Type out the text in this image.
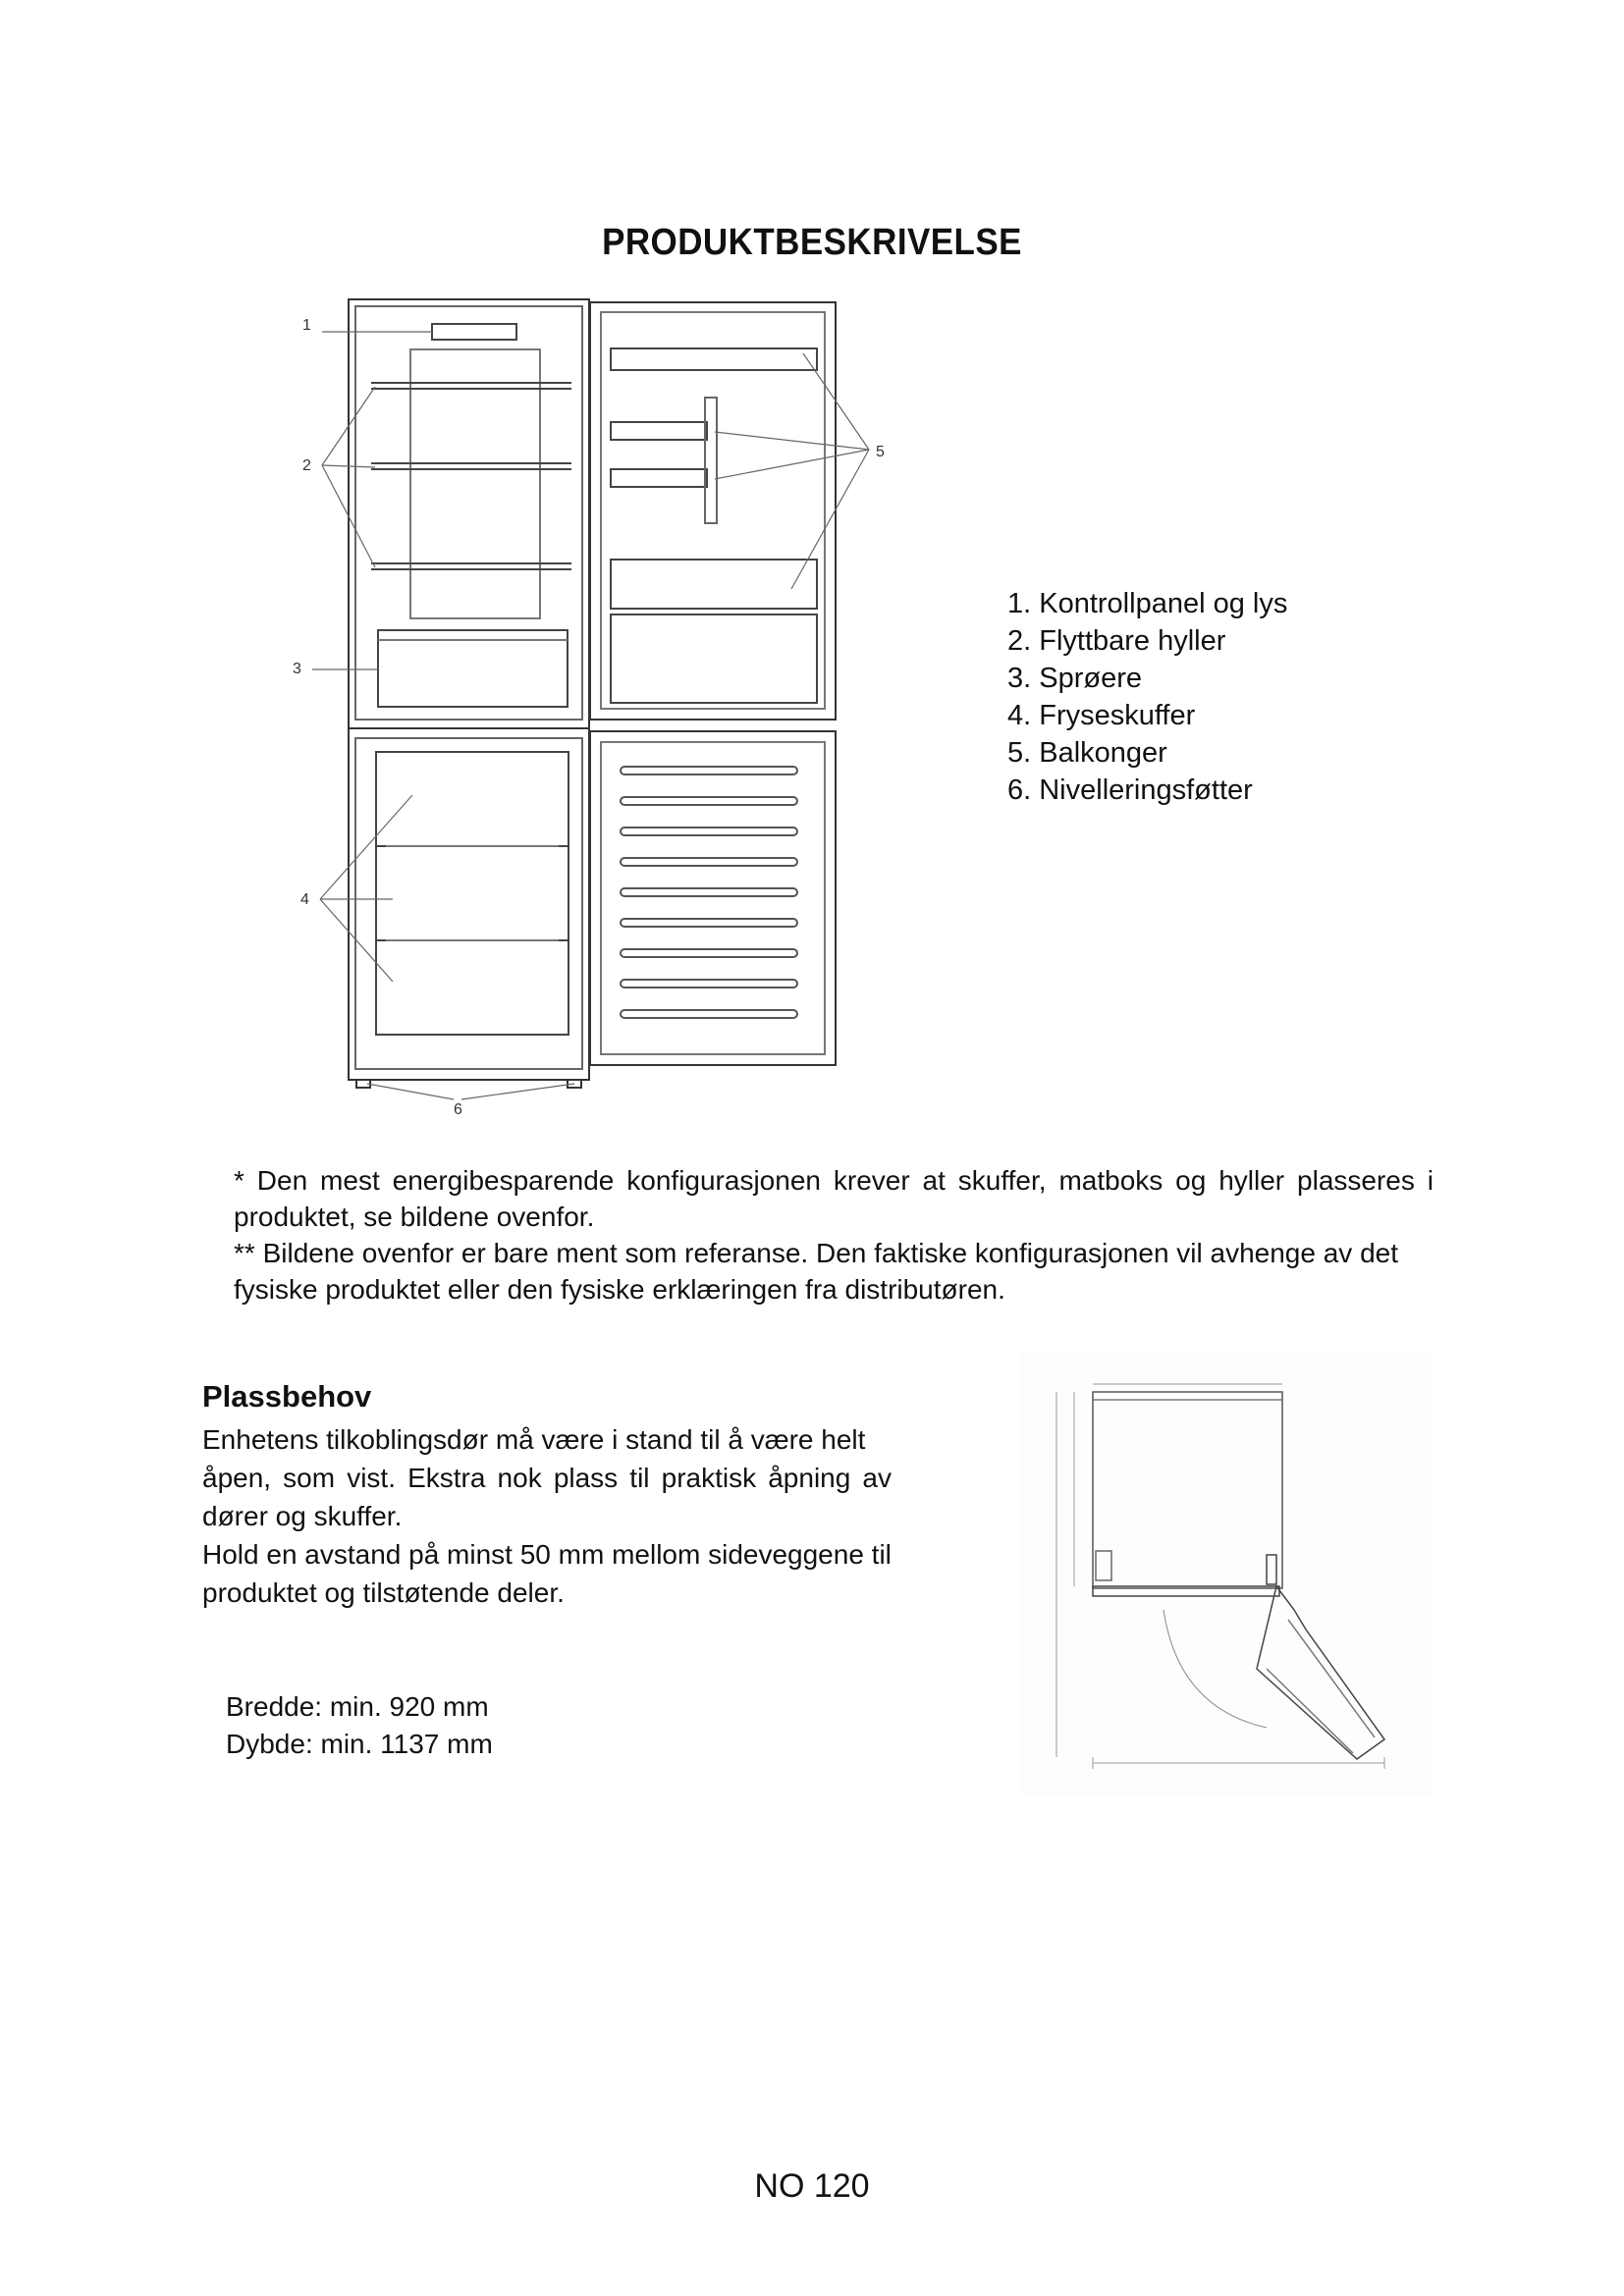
PRODUKTBESKRIVELSE
1
2
3
4
5
6
1. Kontrollpanel og lys
2. Flyttbare hyller
3. Sprøere
4. Fryseskuffer
5. Balkonger
6. Nivelleringsføtter

* Den mest energibesparende konfigurasjonen krever at skuffer, matboks og hyller plasseres i

produktet, se bildene ovenfor.

** Bildene ovenfor er bare ment som referanse. Den faktiske konfigurasjonen vil avhenge av det

fysiske produktet eller den fysiske erklæringen fra distributøren.

Plassbehov
Enhetens tilkoblingsdør må være i stand til å være helt
åpen, som vist. Ekstra nok plass til praktisk åpning av
dører og skuffer.
Hold en avstand på minst 50 mm mellom sideveggene til
produktet og tilstøtende deler.
Bredde: min. 920 mm
Dybde: min. 1137 mm
NO 120
